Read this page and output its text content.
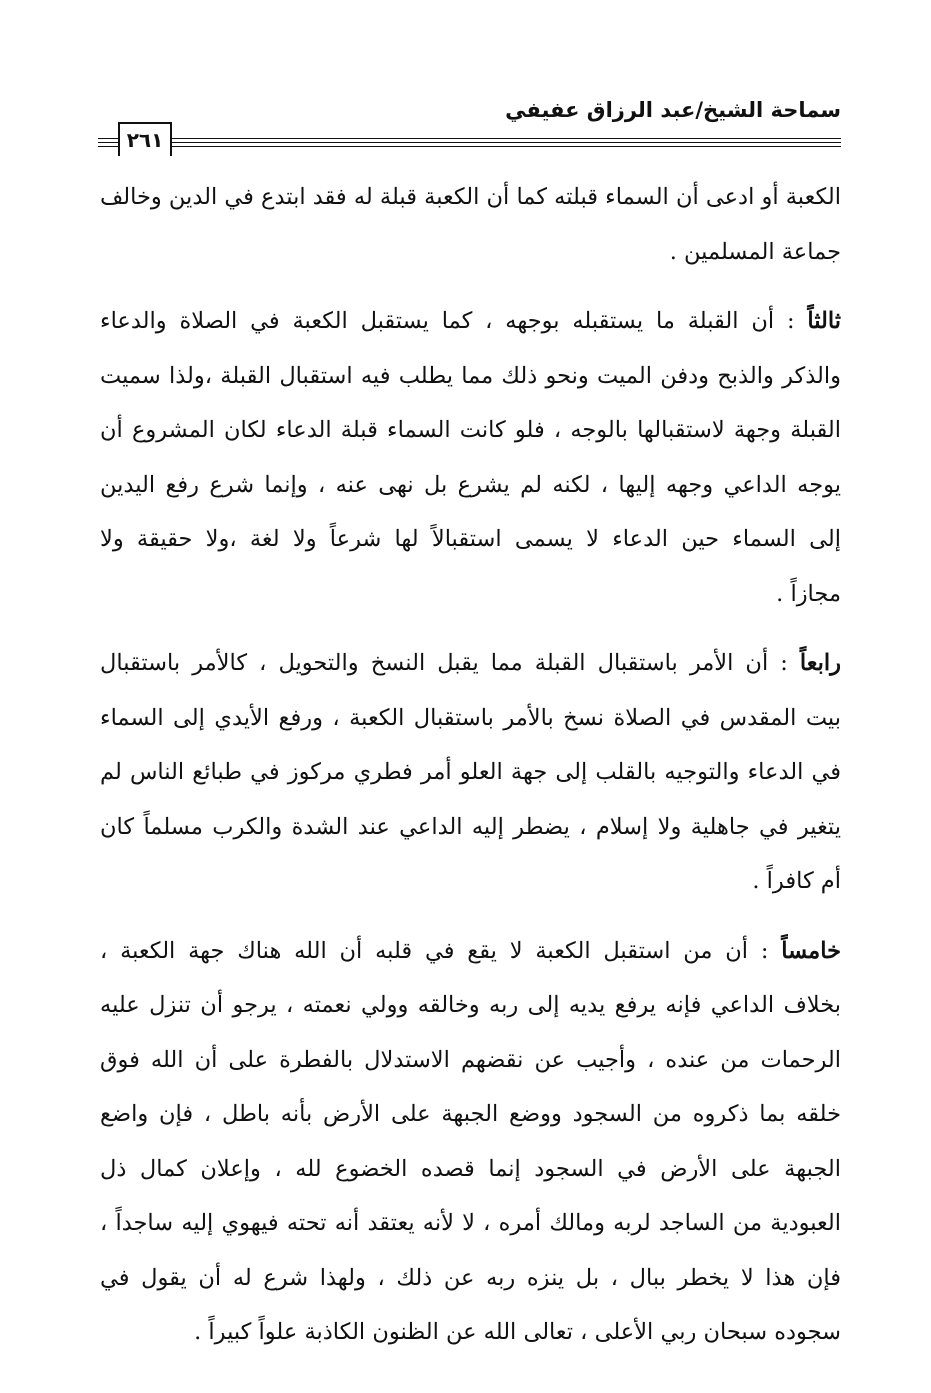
سماحة الشيخ/عبد الرزاق عفيفي
٢٦١
الكعبة أو ادعى أن السماء قبلته كما أن الكعبة قبلة له فقد ابتدع في الدين وخالف
جماعة المسلمين .
ثالثاً : أن القبلة ما يستقبله بوجهه ، كما يستقبل الكعبة في الصلاة والدعاء
والذكر والذبح ودفن الميت ونحو ذلك مما يطلب فيه استقبال القبلة ،ولذا سميت
القبلة وجهة لاستقبالها بالوجه ، فلو كانت السماء قبلة الدعاء لكان المشروع أن
يوجه الداعي وجهه إليها ، لكنه لم يشرع بل نهى عنه ، وإنما شرع رفع اليدين
إلى السماء حين الدعاء لا يسمى استقبالاً لها شرعاً ولا لغة ،ولا حقيقة ولا
مجازاً .
رابعاً : أن الأمر باستقبال القبلة مما يقبل النسخ والتحويل ، كالأمر باستقبال
بيت المقدس في الصلاة نسخ بالأمر باستقبال الكعبة ، ورفع الأيدي إلى السماء
في الدعاء والتوجيه بالقلب إلى جهة العلو أمر فطري مركوز في طبائع الناس لم
يتغير في جاهلية ولا إسلام ، يضطر إليه الداعي عند الشدة والكرب مسلماً كان
أم كافراً .
خامساً : أن من استقبل الكعبة لا يقع في قلبه أن الله هناك جهة الكعبة ،
بخلاف الداعي فإنه يرفع يديه إلى ربه وخالقه وولي نعمته ، يرجو أن تنزل عليه
الرحمات من عنده ، وأجيب عن نقضهم الاستدلال بالفطرة على أن الله فوق
خلقه بما ذكروه من السجود ووضع الجبهة على الأرض بأنه باطل ، فإن واضع
الجبهة على الأرض في السجود إنما قصده الخضوع لله ، وإعلان كمال ذل
العبودية من الساجد لربه ومالك أمره ، لا لأنه يعتقد أنه تحته فيهوي إليه ساجداً ،
فإن هذا لا يخطر ببال ، بل ينزه ربه عن ذلك ، ولهذا شرع له أن يقول في
سجوده سبحان ربي الأعلى ، تعالى الله عن الظنون الكاذبة علواً كبيراً .
